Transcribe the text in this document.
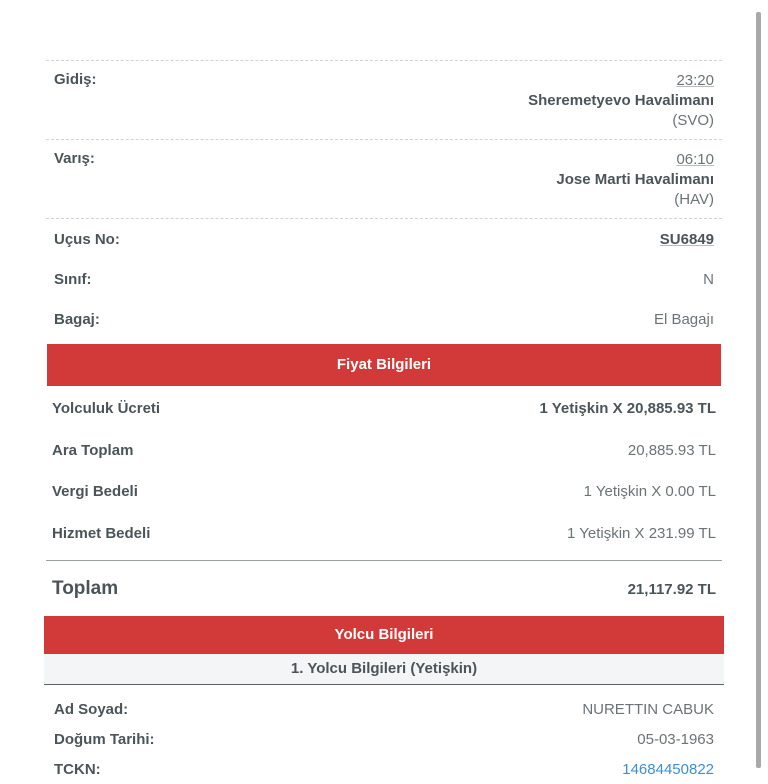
Gidiş:	23:20
Sheremetyevo Havalimanı
(SVO)
Varış:	06:10
Jose Marti Havalimanı
(HAV)
Uçus No:	SU6849
Sınıf:	N
Bagaj:	El Bagajı
Fiyat Bilgileri
Yolculuk Ücreti	1 Yetişkin X 20,885.93 TL
Ara Toplam	20,885.93 TL
Vergi Bedeli	1 Yetişkin X 0.00 TL
Hizmet Bedeli	1 Yetişkin X 231.99 TL
Toplam	21,117.92 TL
Yolcu Bilgileri
1. Yolcu Bilgileri (Yetişkin)
Ad Soyad:	NURETTIN CABUK
Doğum Tarihi:	05-03-1963
TCKN:	14684450822
